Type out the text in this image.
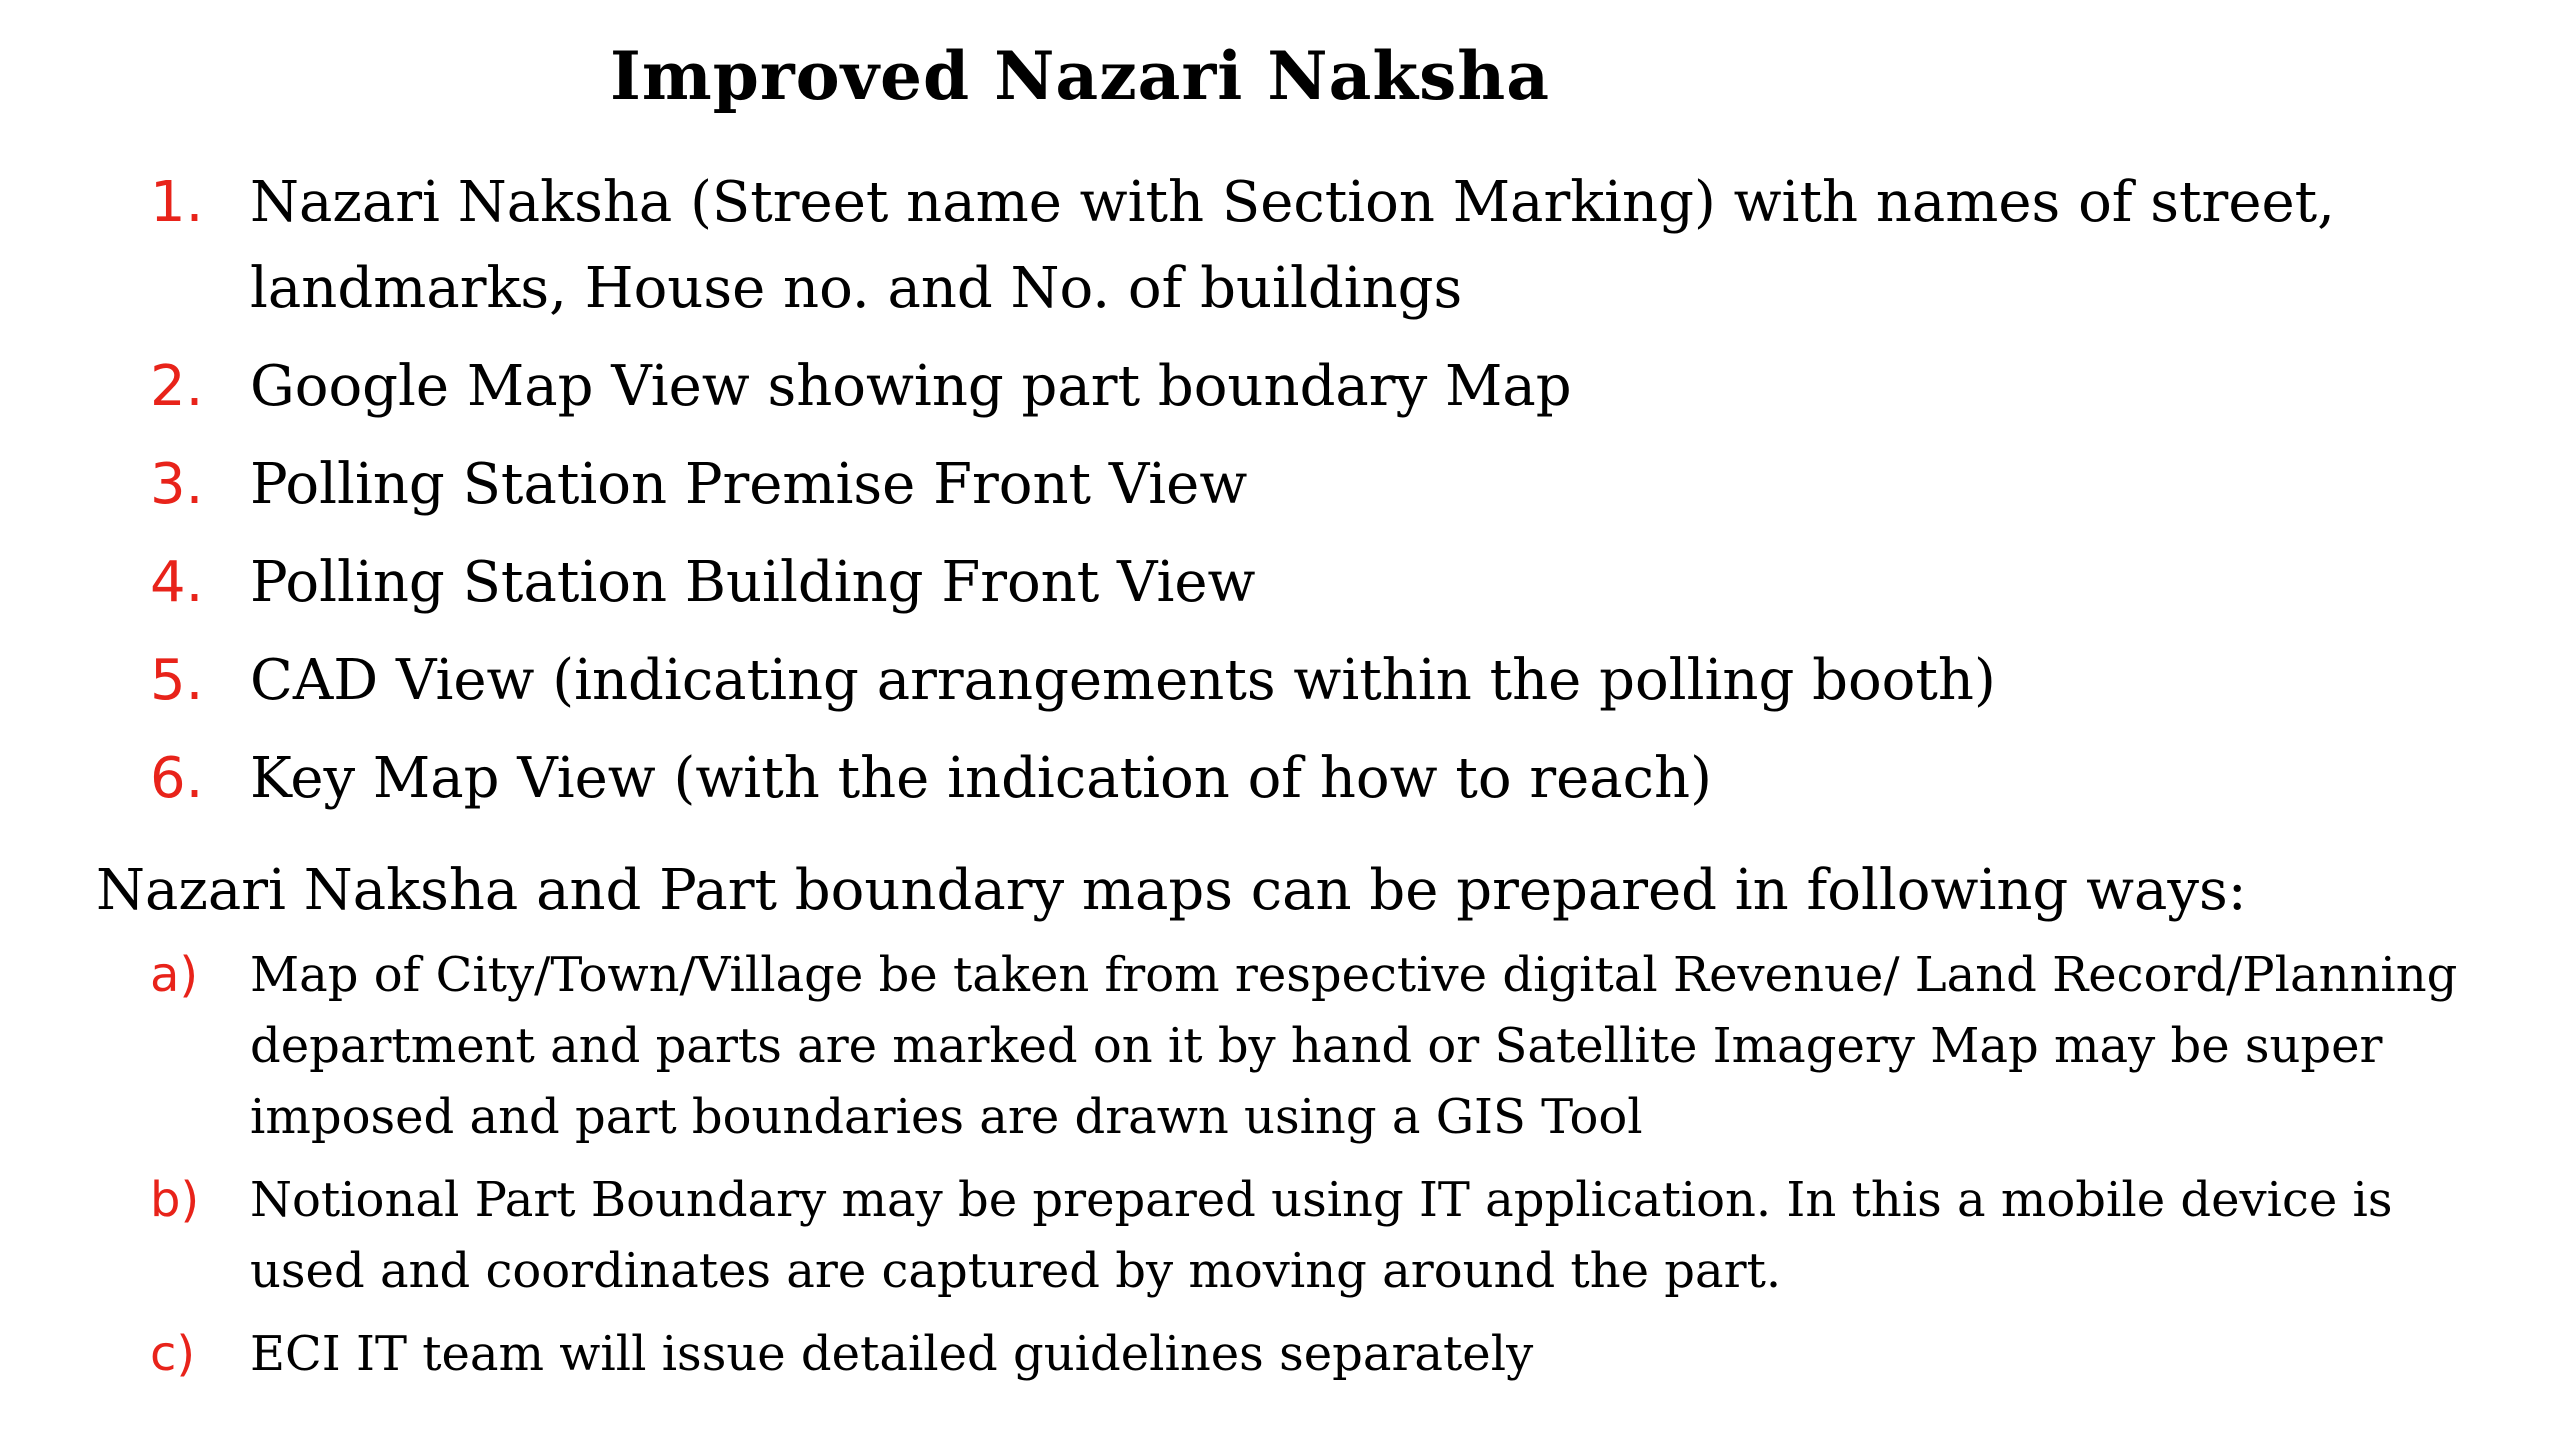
Improved Nazari Naksha
1. Nazari Naksha (Street name with Section Marking) with names of street, landmarks, House no. and No. of buildings
2. Google Map View showing part boundary Map
3. Polling Station Premise Front View
4. Polling Station Building Front View
5. CAD View (indicating arrangements within the polling booth)
6. Key Map View (with the indication of how to reach)
Nazari Naksha and Part boundary maps can be prepared in following ways:
a)	Map of City/Town/Village be taken from respective digital Revenue/ Land Record/Planning department and parts are marked on it by hand or Satellite Imagery Map may be super imposed and part boundaries are drawn using a GIS Tool
b)	Notional Part Boundary may be prepared using IT application. In this a mobile device is used and coordinates are captured by moving around the part.
c)	ECI IT team will issue detailed guidelines separately
